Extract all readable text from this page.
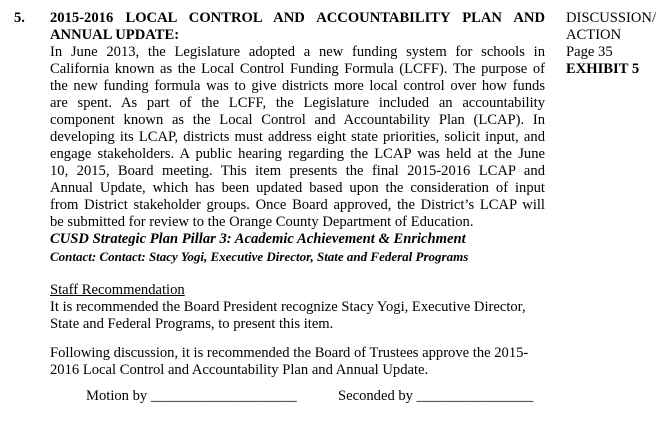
5. 2015-2016 LOCAL CONTROL AND ACCOUNTABILITY PLAN AND
ANNUAL UPDATE:
In June 2013, the Legislature adopted a new funding system for schools in
California known as the Local Control Funding Formula (LCFF). The purpose of
the new funding formula was to give districts more local control over how funds
are spent. As part of the LCFF, the Legislature included an accountability
component known as the Local Control and Accountability Plan (LCAP). In
developing its LCAP, districts must address eight state priorities, solicit input, and
engage stakeholders. A public hearing regarding the LCAP was held at the June
10, 2015, Board meeting. This item presents the final 2015-2016 LCAP and
Annual Update, which has been updated based upon the consideration of input
from District stakeholder groups. Once Board approved, the District’s LCAP will
be submitted for review to the Orange County Department of Education.
CUSD Strategic Plan Pillar 3: Academic Achievement & Enrichment
Contact: Contact: Stacy Yogi, Executive Director, State and Federal Programs
Staff Recommendation
It is recommended the Board President recognize Stacy Yogi, Executive Director,
State and Federal Programs, to present this item.
Following discussion, it is recommended the Board of Trustees approve the 2015-
2016 Local Control and Accountability Plan and Annual Update.
DISCUSSION/
ACTION
Page 35
EXHIBIT 5
Motion by ____________________	Seconded by ________________
